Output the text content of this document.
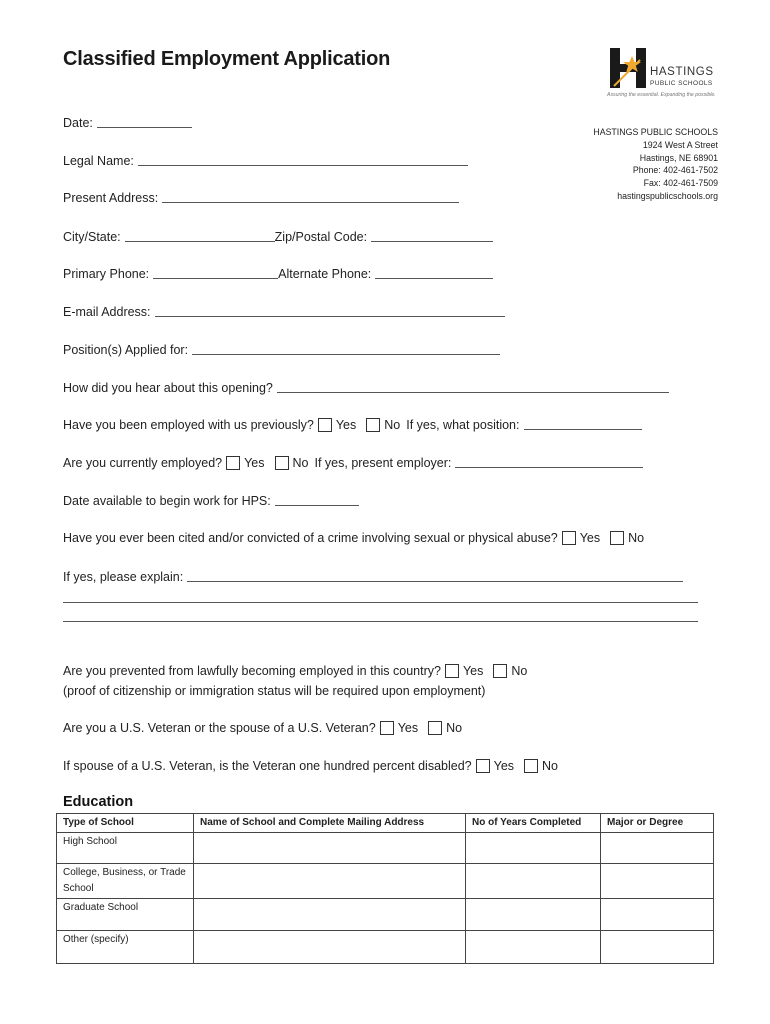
Classified Employment Application
HASTINGS
PUBLIC SCHOOLS
Assuring the essential. Expanding the possible.
HASTINGS PUBLIC SCHOOLS
1924 West A Street
Hastings, NE 68901
Phone: 402-461-7502
Fax: 402-461-7509
hastingspublicschools.org
Date:
Legal Name:
Present Address:
City/State:	Zip/Postal Code:
Primary Phone:	Alternate Phone:
E-mail Address:
Position(s) Applied for:
How did you hear about this opening?
Have you been employed with us previously? Yes No If yes, what position:
Are you currently employed? Yes No If yes, present employer:
Date available to begin work for HPS:
Have you ever been cited and/or convicted of a crime involving sexual or physical abuse? Yes No
If yes, please explain:
Are you prevented from lawfully becoming employed in this country? Yes No
(proof of citizenship or immigration status will be required upon employment)
Are you a U.S. Veteran or the spouse of a U.S. Veteran? Yes No
If spouse of a U.S. Veteran, is the Veteran one hundred percent disabled? Yes No
Education
Type of School	Name of School and Complete Mailing Address	No of Years Completed	Major or Degree
High School			
College, Business, or Trade School			
Graduate School			
Other (specify)			
